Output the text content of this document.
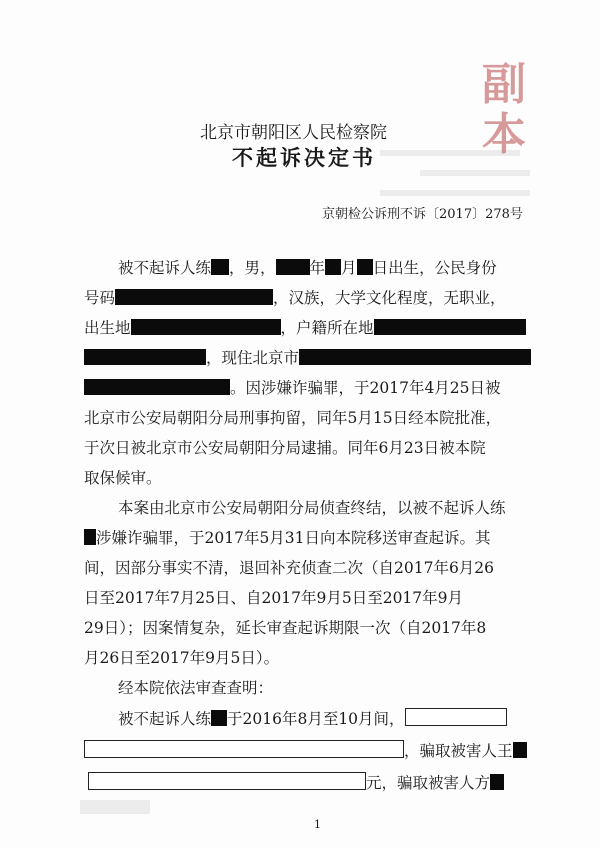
副
本
北京市朝阳区人民检察院
不起诉决定书
京朝检公诉刑不诉〔2017〕278号
被不起诉人练 ，男， 年 月 日出生，公民身份
号码	，汉族，大学文化程度，无职业，
出生地	，户籍所在地
，现住北京市
。因涉嫌诈骗罪，于2017年4月25日被
北京市公安局朝阳分局刑事拘留，同年5月15日经本院批准，
于次日被北京市公安局朝阳分局逮捕。同年6月23日被本院
取保候审。
本案由北京市公安局朝阳分局侦查终结，以被不起诉人练
涉嫌诈骗罪，于2017年5月31日向本院移送审查起诉。其
间，因部分事实不清，退回补充侦查二次（自2017年6月26
日至2017年7月25日、自2017年9月5日至2017年9月
29日）；因案情复杂，延长审查起诉期限一次（自2017年8
月26日至2017年9月5日）。
经本院依法审查查明：
被不起诉人练 于2016年8月至10月间，
，骗取被害人王
元，骗取被害人方
1
